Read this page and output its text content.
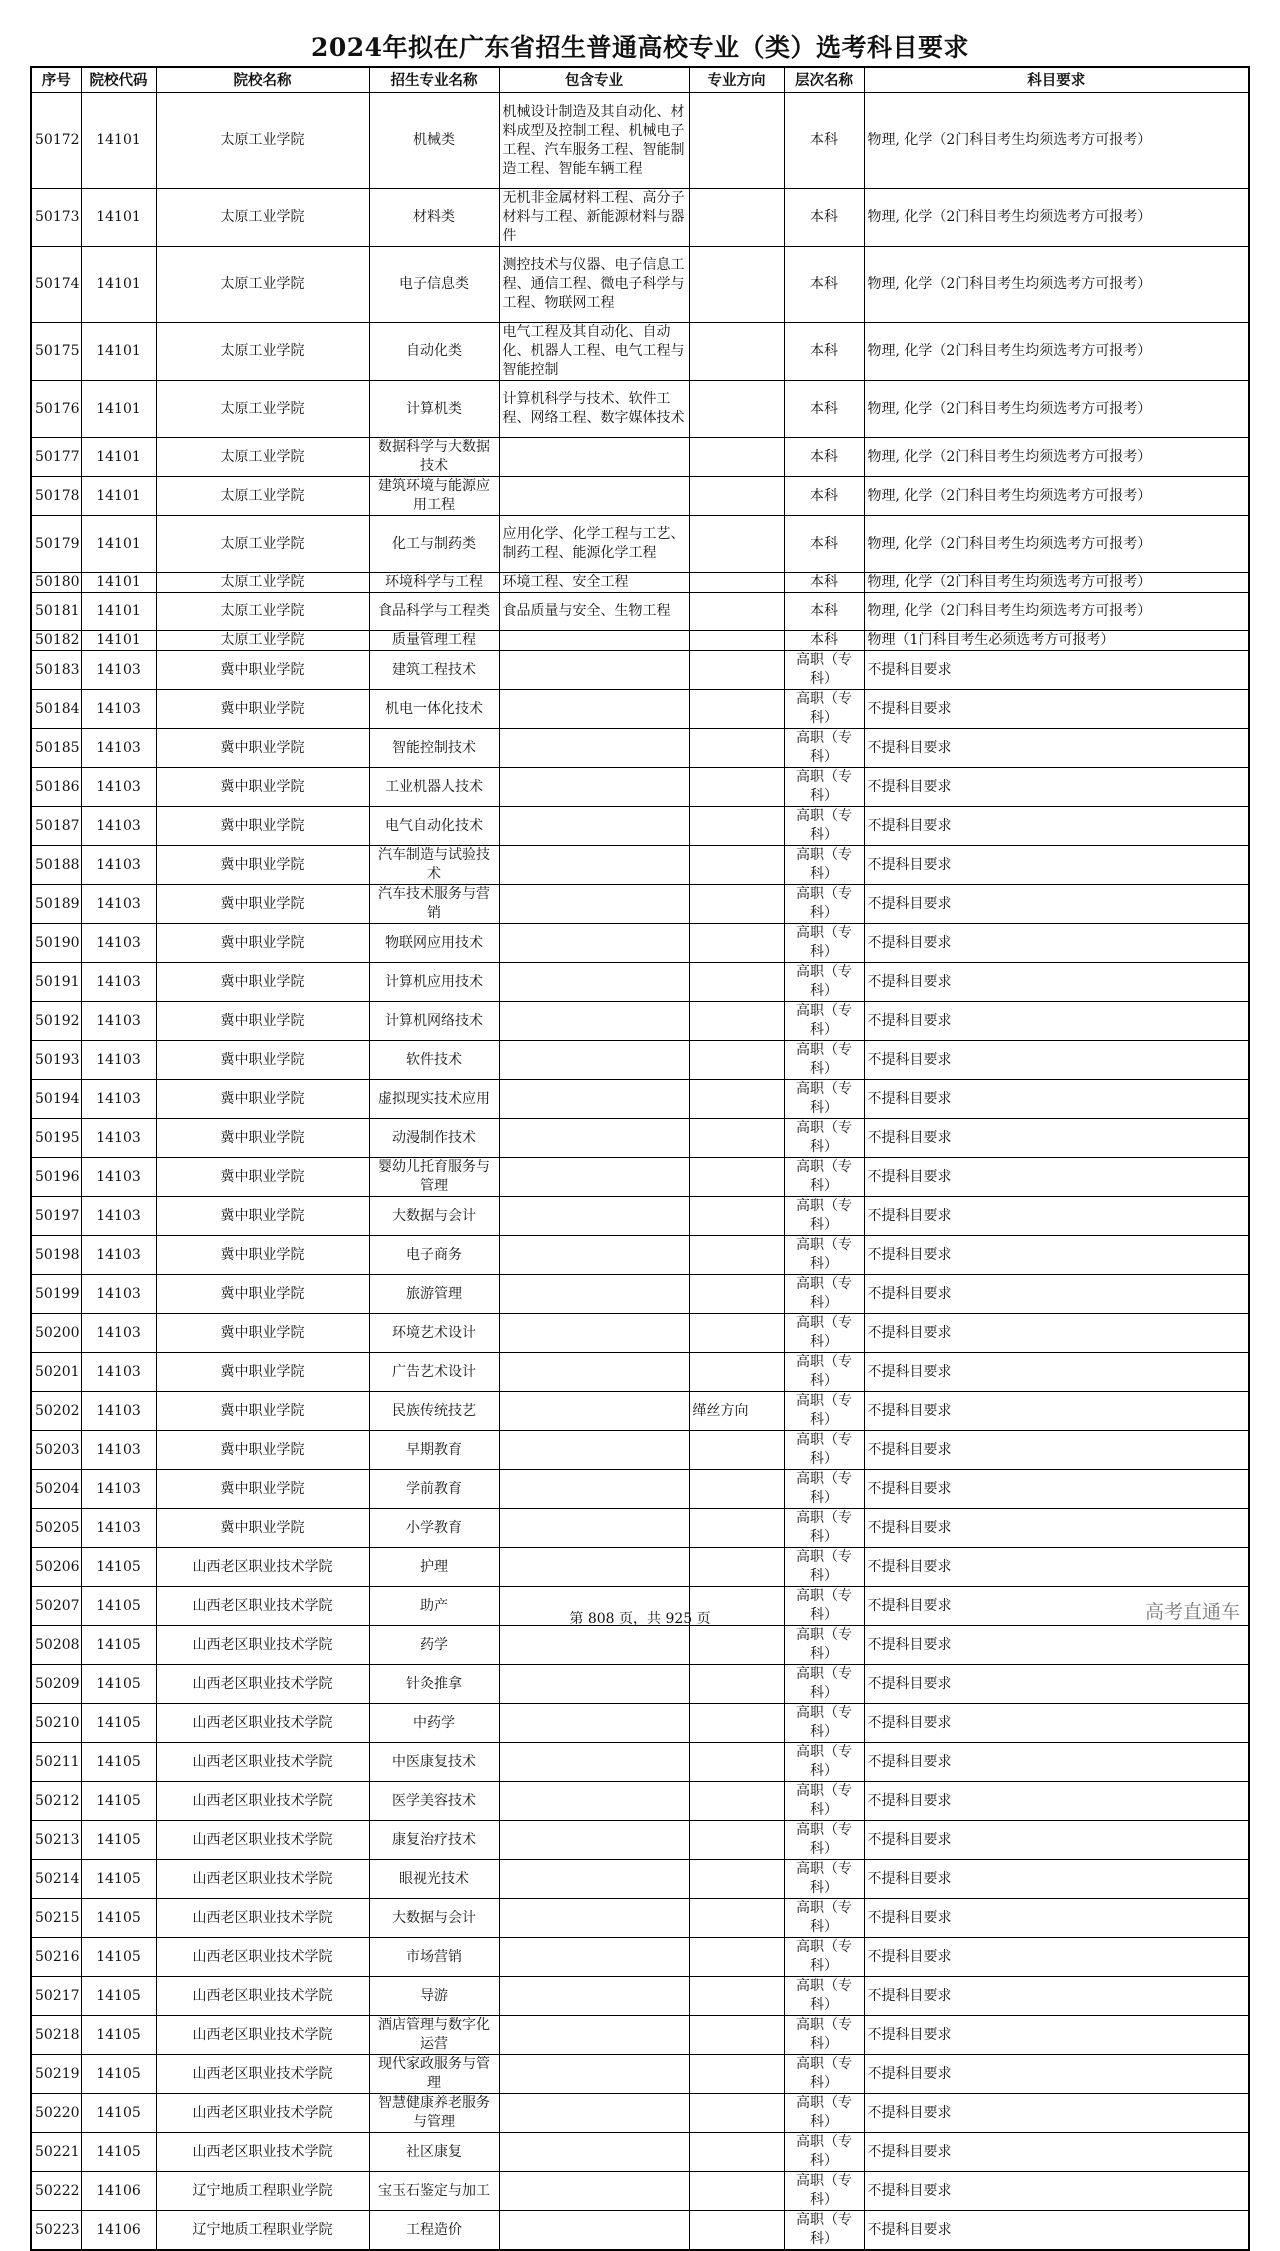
2024年拟在广东省招生普通高校专业（类）选考科目要求
序号	院校代码	院校名称	招生专业名称	包含专业	专业方向	层次名称	科目要求
50172	14101	太原工业学院	机械类	机械设计制造及其自动化、材料成型及控制工程、机械电子工程、汽车服务工程、智能制造工程、智能车辆工程		本科	物理, 化学（2门科目考生均须选考方可报考）
50173	14101	太原工业学院	材料类	无机非金属材料工程、高分子材料与工程、新能源材料与器件		本科	物理, 化学（2门科目考生均须选考方可报考）
50174	14101	太原工业学院	电子信息类	测控技术与仪器、电子信息工程、通信工程、微电子科学与工程、物联网工程		本科	物理, 化学（2门科目考生均须选考方可报考）
50175	14101	太原工业学院	自动化类	电气工程及其自动化、自动化、机器人工程、电气工程与智能控制		本科	物理, 化学（2门科目考生均须选考方可报考）
50176	14101	太原工业学院	计算机类	计算机科学与技术、软件工程、网络工程、数字媒体技术		本科	物理, 化学（2门科目考生均须选考方可报考）
50177	14101	太原工业学院	数据科学与大数据技术			本科	物理, 化学（2门科目考生均须选考方可报考）
50178	14101	太原工业学院	建筑环境与能源应用工程			本科	物理, 化学（2门科目考生均须选考方可报考）
50179	14101	太原工业学院	化工与制药类	应用化学、化学工程与工艺、制药工程、能源化学工程		本科	物理, 化学（2门科目考生均须选考方可报考）
50180	14101	太原工业学院	环境科学与工程	环境工程、安全工程		本科	物理, 化学（2门科目考生均须选考方可报考）
50181	14101	太原工业学院	食品科学与工程类	食品质量与安全、生物工程		本科	物理, 化学（2门科目考生均须选考方可报考）
50182	14101	太原工业学院	质量管理工程			本科	物理（1门科目考生必须选考方可报考）
50183	14103	冀中职业学院	建筑工程技术			高职（专科）	不提科目要求
50184	14103	冀中职业学院	机电一体化技术			高职（专科）	不提科目要求
50185	14103	冀中职业学院	智能控制技术			高职（专科）	不提科目要求
50186	14103	冀中职业学院	工业机器人技术			高职（专科）	不提科目要求
50187	14103	冀中职业学院	电气自动化技术			高职（专科）	不提科目要求
50188	14103	冀中职业学院	汽车制造与试验技术			高职（专科）	不提科目要求
50189	14103	冀中职业学院	汽车技术服务与营销			高职（专科）	不提科目要求
50190	14103	冀中职业学院	物联网应用技术			高职（专科）	不提科目要求
50191	14103	冀中职业学院	计算机应用技术			高职（专科）	不提科目要求
50192	14103	冀中职业学院	计算机网络技术			高职（专科）	不提科目要求
50193	14103	冀中职业学院	软件技术			高职（专科）	不提科目要求
50194	14103	冀中职业学院	虚拟现实技术应用			高职（专科）	不提科目要求
50195	14103	冀中职业学院	动漫制作技术			高职（专科）	不提科目要求
50196	14103	冀中职业学院	婴幼儿托育服务与管理			高职（专科）	不提科目要求
50197	14103	冀中职业学院	大数据与会计			高职（专科）	不提科目要求
50198	14103	冀中职业学院	电子商务			高职（专科）	不提科目要求
50199	14103	冀中职业学院	旅游管理			高职（专科）	不提科目要求
50200	14103	冀中职业学院	环境艺术设计			高职（专科）	不提科目要求
50201	14103	冀中职业学院	广告艺术设计			高职（专科）	不提科目要求
50202	14103	冀中职业学院	民族传统技艺		缂丝方向	高职（专科）	不提科目要求
50203	14103	冀中职业学院	早期教育			高职（专科）	不提科目要求
50204	14103	冀中职业学院	学前教育			高职（专科）	不提科目要求
50205	14103	冀中职业学院	小学教育			高职（专科）	不提科目要求
50206	14105	山西老区职业技术学院	护理			高职（专科）	不提科目要求
50207	14105	山西老区职业技术学院	助产			高职（专科）	不提科目要求
50208	14105	山西老区职业技术学院	药学			高职（专科）	不提科目要求
50209	14105	山西老区职业技术学院	针灸推拿			高职（专科）	不提科目要求
50210	14105	山西老区职业技术学院	中药学			高职（专科）	不提科目要求
50211	14105	山西老区职业技术学院	中医康复技术			高职（专科）	不提科目要求
50212	14105	山西老区职业技术学院	医学美容技术			高职（专科）	不提科目要求
50213	14105	山西老区职业技术学院	康复治疗技术			高职（专科）	不提科目要求
50214	14105	山西老区职业技术学院	眼视光技术			高职（专科）	不提科目要求
50215	14105	山西老区职业技术学院	大数据与会计			高职（专科）	不提科目要求
50216	14105	山西老区职业技术学院	市场营销			高职（专科）	不提科目要求
50217	14105	山西老区职业技术学院	导游			高职（专科）	不提科目要求
50218	14105	山西老区职业技术学院	酒店管理与数字化运营			高职（专科）	不提科目要求
50219	14105	山西老区职业技术学院	现代家政服务与管理			高职（专科）	不提科目要求
50220	14105	山西老区职业技术学院	智慧健康养老服务与管理			高职（专科）	不提科目要求
50221	14105	山西老区职业技术学院	社区康复			高职（专科）	不提科目要求
50222	14106	辽宁地质工程职业学院	宝玉石鉴定与加工			高职（专科）	不提科目要求
50223	14106	辽宁地质工程职业学院	工程造价			高职（专科）	不提科目要求
第 808 页，共 925 页	高考直通车
